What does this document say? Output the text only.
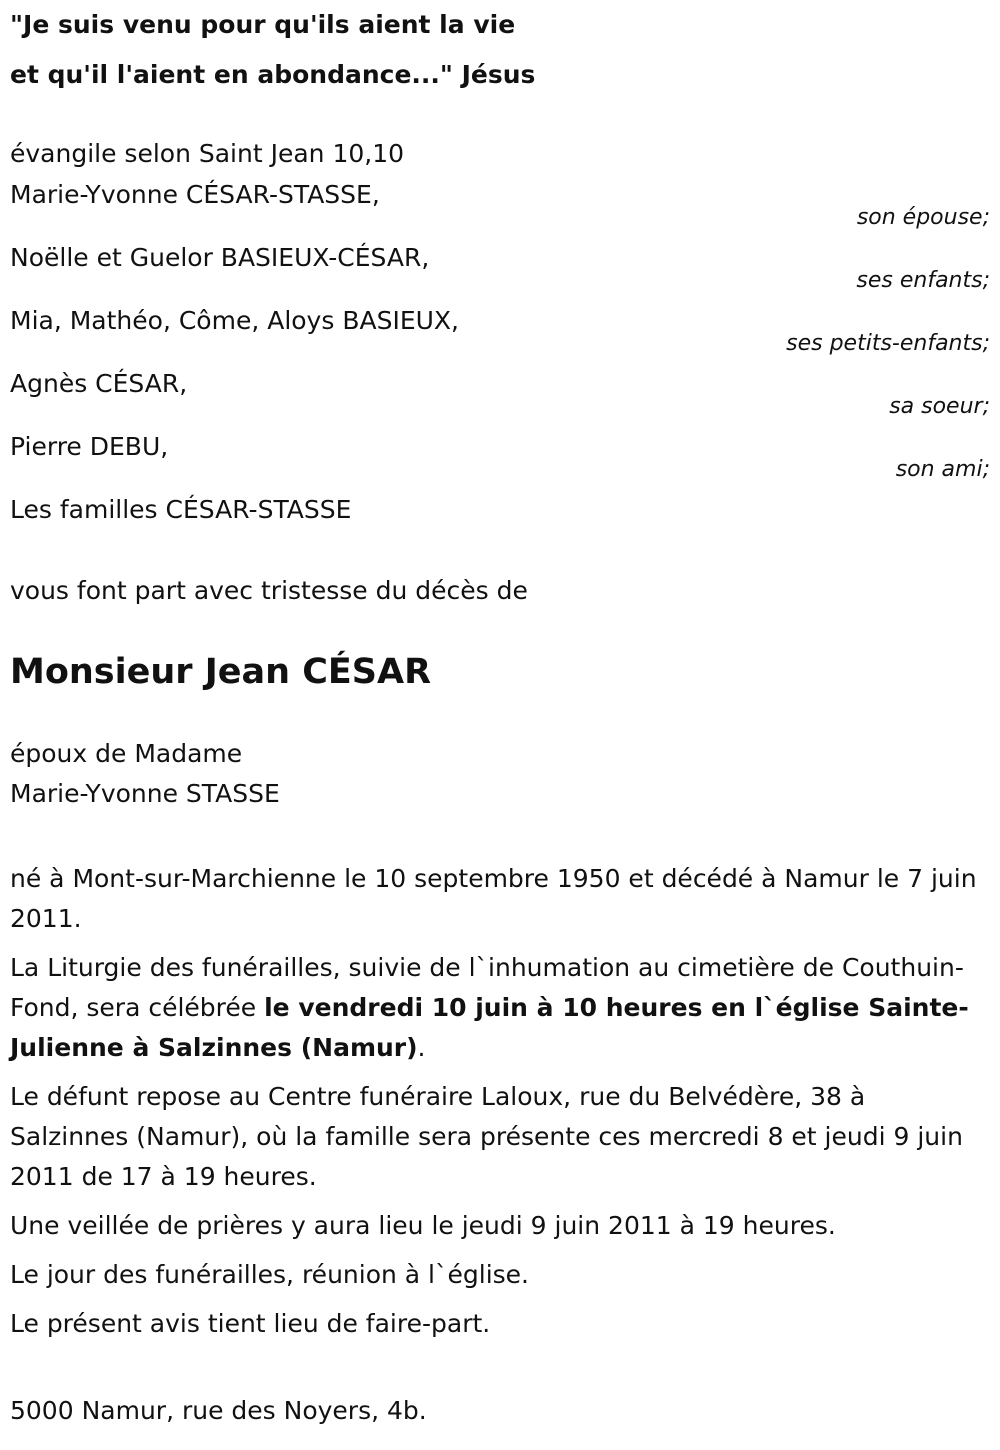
"Je suis venu pour qu'ils aient la vie
et qu'il l'aient en abondance..." Jésus
évangile selon Saint Jean 10,10
Marie-Yvonne CÉSAR-STASSE,
son épouse;
Noëlle et Guelor BASIEUX-CÉSAR,
ses enfants;
Mia, Mathéo, Côme, Aloys BASIEUX,
ses petits-enfants;
Agnès CÉSAR,
sa soeur;
Pierre DEBU,
son ami;
Les familles CÉSAR-STASSE
vous font part avec tristesse du décès de
Monsieur Jean CÉSAR
époux de Madame
Marie-Yvonne STASSE
né à Mont-sur-Marchienne le 10 septembre 1950 et décédé à Namur le 7 juin 2011.
La Liturgie des funérailles, suivie de l`inhumation au cimetière de Couthuin-Fond, sera célébrée le vendredi 10 juin à 10 heures en l`église Sainte-Julienne à Salzinnes (Namur).
Le défunt repose au Centre funéraire Laloux, rue du Belvédère, 38 à Salzinnes (Namur), où la famille sera présente ces mercredi 8 et jeudi 9 juin 2011 de 17 à 19 heures.
Une veillée de prières y aura lieu le jeudi 9 juin 2011 à 19 heures.
Le jour des funérailles, réunion à l`église.
Le présent avis tient lieu de faire-part.
5000 Namur, rue des Noyers, 4b.
